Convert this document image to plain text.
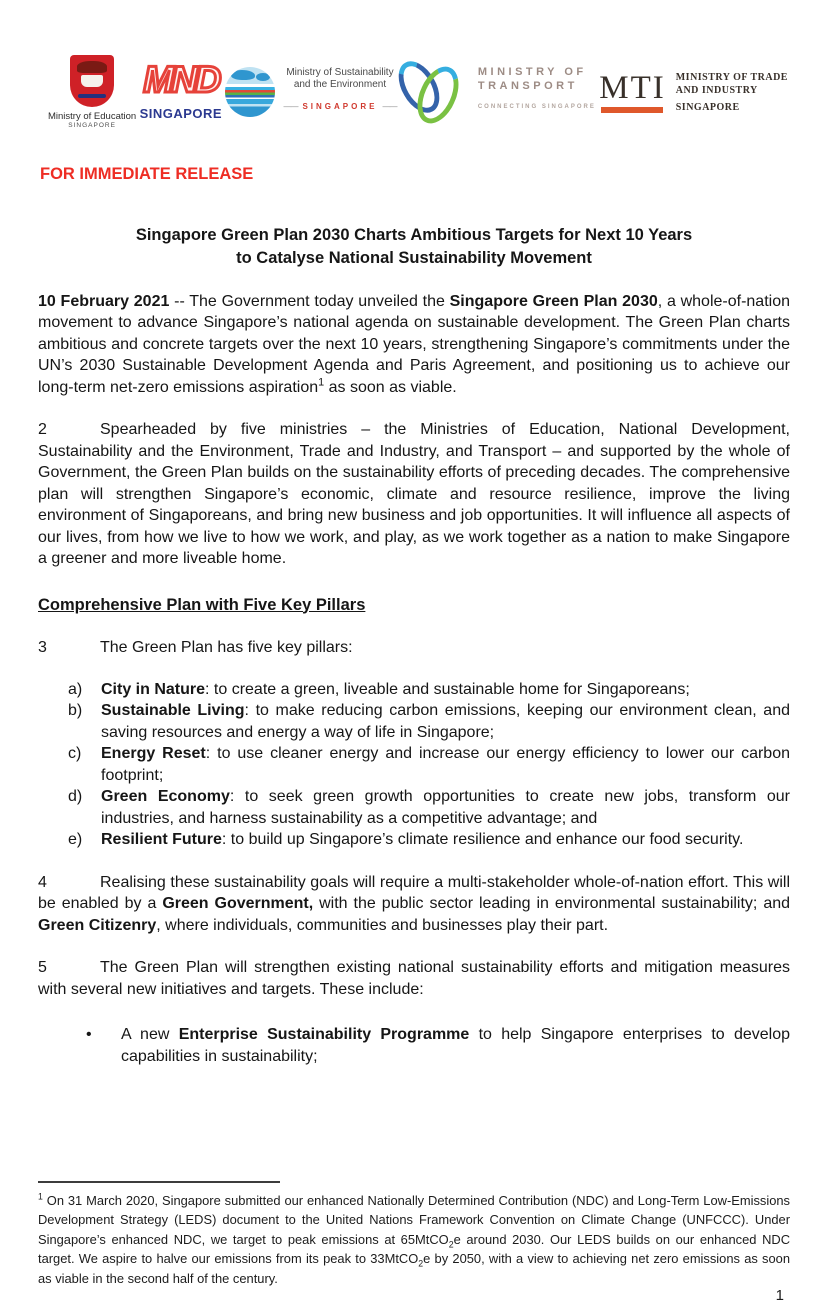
Ministry of Education
SINGAPORE
MND
SINGAPORE
Ministry of Sustainability
and the Environment
—— SINGAPORE ——
MINISTRY OF
TRANSPORT
CONNECTING SINGAPORE
MTI MINISTRY OF TRADE
AND INDUSTRY
SINGAPORE
FOR IMMEDIATE RELEASE
Singapore Green Plan 2030 Charts Ambitious Targets for Next 10 Years
to Catalyse National Sustainability Movement

10 February 2021 -- The Government today unveiled the Singapore Green Plan 2030, a whole-of-nation movement to advance Singapore’s national agenda on sustainable development. The Green Plan charts ambitious and concrete targets over the next 10 years, strengthening Singapore’s commitments under the UN’s 2030 Sustainable Development Agenda and Paris Agreement, and positioning us to achieve our long-term net-zero emissions aspiration$^1$ as soon as viable.

2	Spearheaded by five ministries – the Ministries of Education, National Development, Sustainability and the Environment, Trade and Industry, and Transport – and supported by the whole of Government, the Green Plan builds on the sustainability efforts of preceding decades. The comprehensive plan will strengthen Singapore’s economic, climate and resource resilience, improve the living environment of Singaporeans, and bring new business and job opportunities. It will influence all aspects of our lives, from how we live to how we work, and play, as we work together as a nation to make Singapore a greener and more liveable home.

Comprehensive Plan with Five Key Pillars

3	The Green Plan has five key pillars:

a)	City in Nature: to create a green, liveable and sustainable home for Singaporeans;
b)	Sustainable Living: to make reducing carbon emissions, keeping our environment clean, and saving resources and energy a way of life in Singapore;
c)	Energy Reset: to use cleaner energy and increase our energy efficiency to lower our carbon footprint;
d)	Green Economy: to seek green growth opportunities to create new jobs, transform our industries, and harness sustainability as a competitive advantage; and
e)	Resilient Future: to build up Singapore’s climate resilience and enhance our food security.

4	Realising these sustainability goals will require a multi-stakeholder whole-of-nation effort. This will be enabled by a Green Government, with the public sector leading in environmental sustainability; and Green Citizenry, where individuals, communities and businesses play their part.

5	The Green Plan will strengthen existing national sustainability efforts and mitigation measures with several new initiatives and targets. These include:

•	A new Enterprise Sustainability Programme to help Singapore enterprises to develop capabilities in sustainability;
$^1$ On 31 March 2020, Singapore submitted our enhanced Nationally Determined Contribution (NDC) and Long-Term Low-Emissions Development Strategy (LEDS) document to the United Nations Framework Convention on Climate Change (UNFCCC). Under Singapore’s enhanced NDC, we target to peak emissions at 65MtCO$_2$e around 2030. Our LEDS builds on our enhanced NDC target. We aspire to halve our emissions from its peak to 33MtCO$_2$e by 2050, with a view to achieving net zero emissions as soon as viable in the second half of the century.
1
